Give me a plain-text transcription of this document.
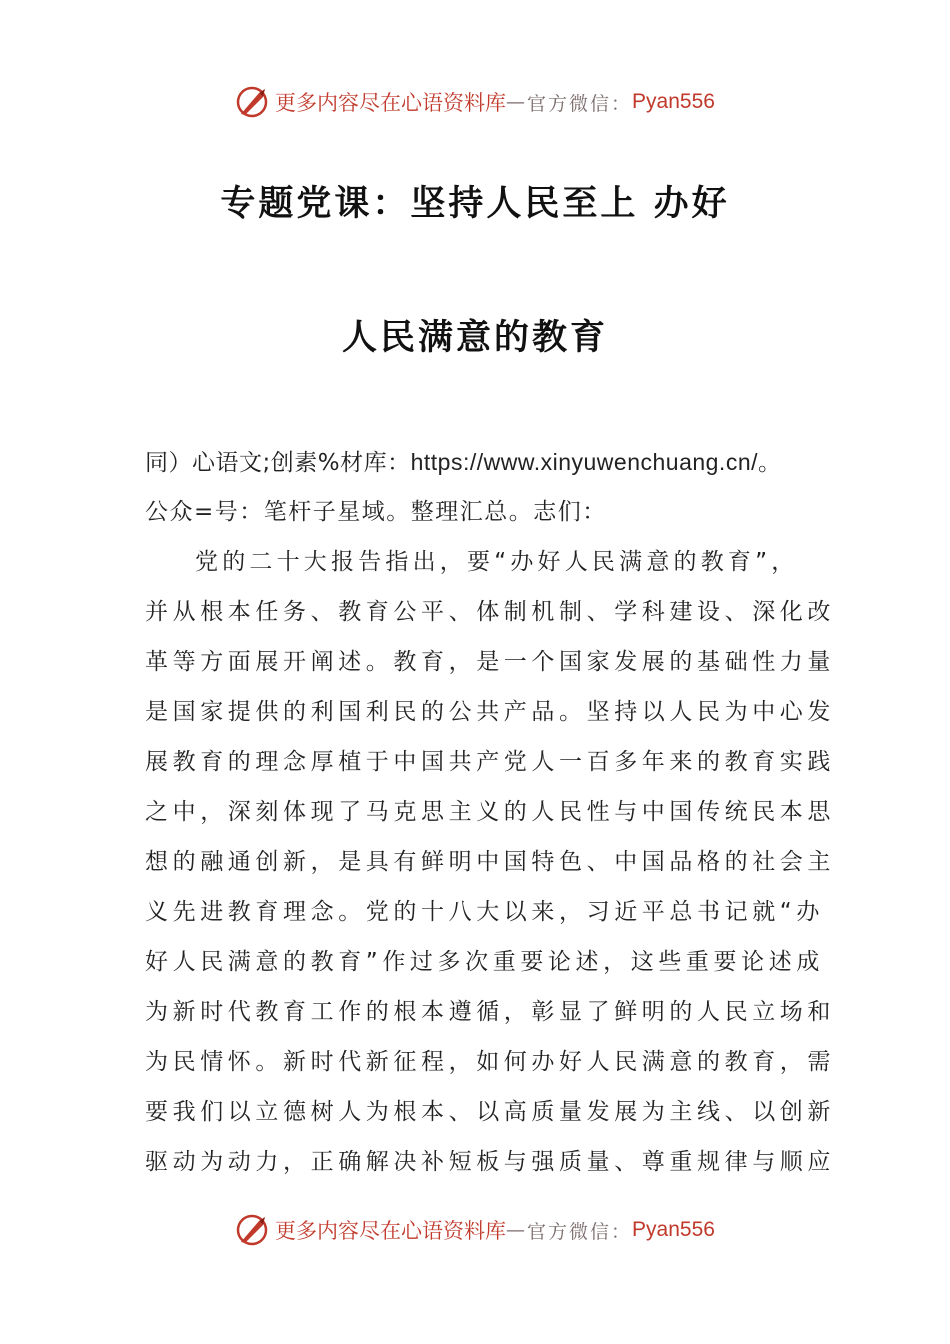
更多内容尽在心语资料库 — 官方微信： Pyan556
专题党课：坚持人民至上 办好
人民满意的教育
同）心语文;创素%材库：https://www.xinyuwenchuang.cn/。
公众=号：笔杆子星域。整理汇总。志们：
党的二十大报告指出，要“办好人民满意的教育”，
并从根本任务、教育公平、体制机制、学科建设、深化改
革等方面展开阐述。教育，是一个国家发展的基础性力量
是国家提供的利国利民的公共产品。坚持以人民为中心发
展教育的理念厚植于中国共产党人一百多年来的教育实践
之中，深刻体现了马克思主义的人民性与中国传统民本思
想的融通创新，是具有鲜明中国特色、中国品格的社会主
义先进教育理念。党的十八大以来，习近平总书记就“办
好人民满意的教育”作过多次重要论述，这些重要论述成
为新时代教育工作的根本遵循，彰显了鲜明的人民立场和
为民情怀。新时代新征程，如何办好人民满意的教育，需
要我们以立德树人为根本、以高质量发展为主线、以创新
驱动为动力，正确解决补短板与强质量、尊重规律与顺应
更多内容尽在心语资料库 — 官方微信： Pyan556
